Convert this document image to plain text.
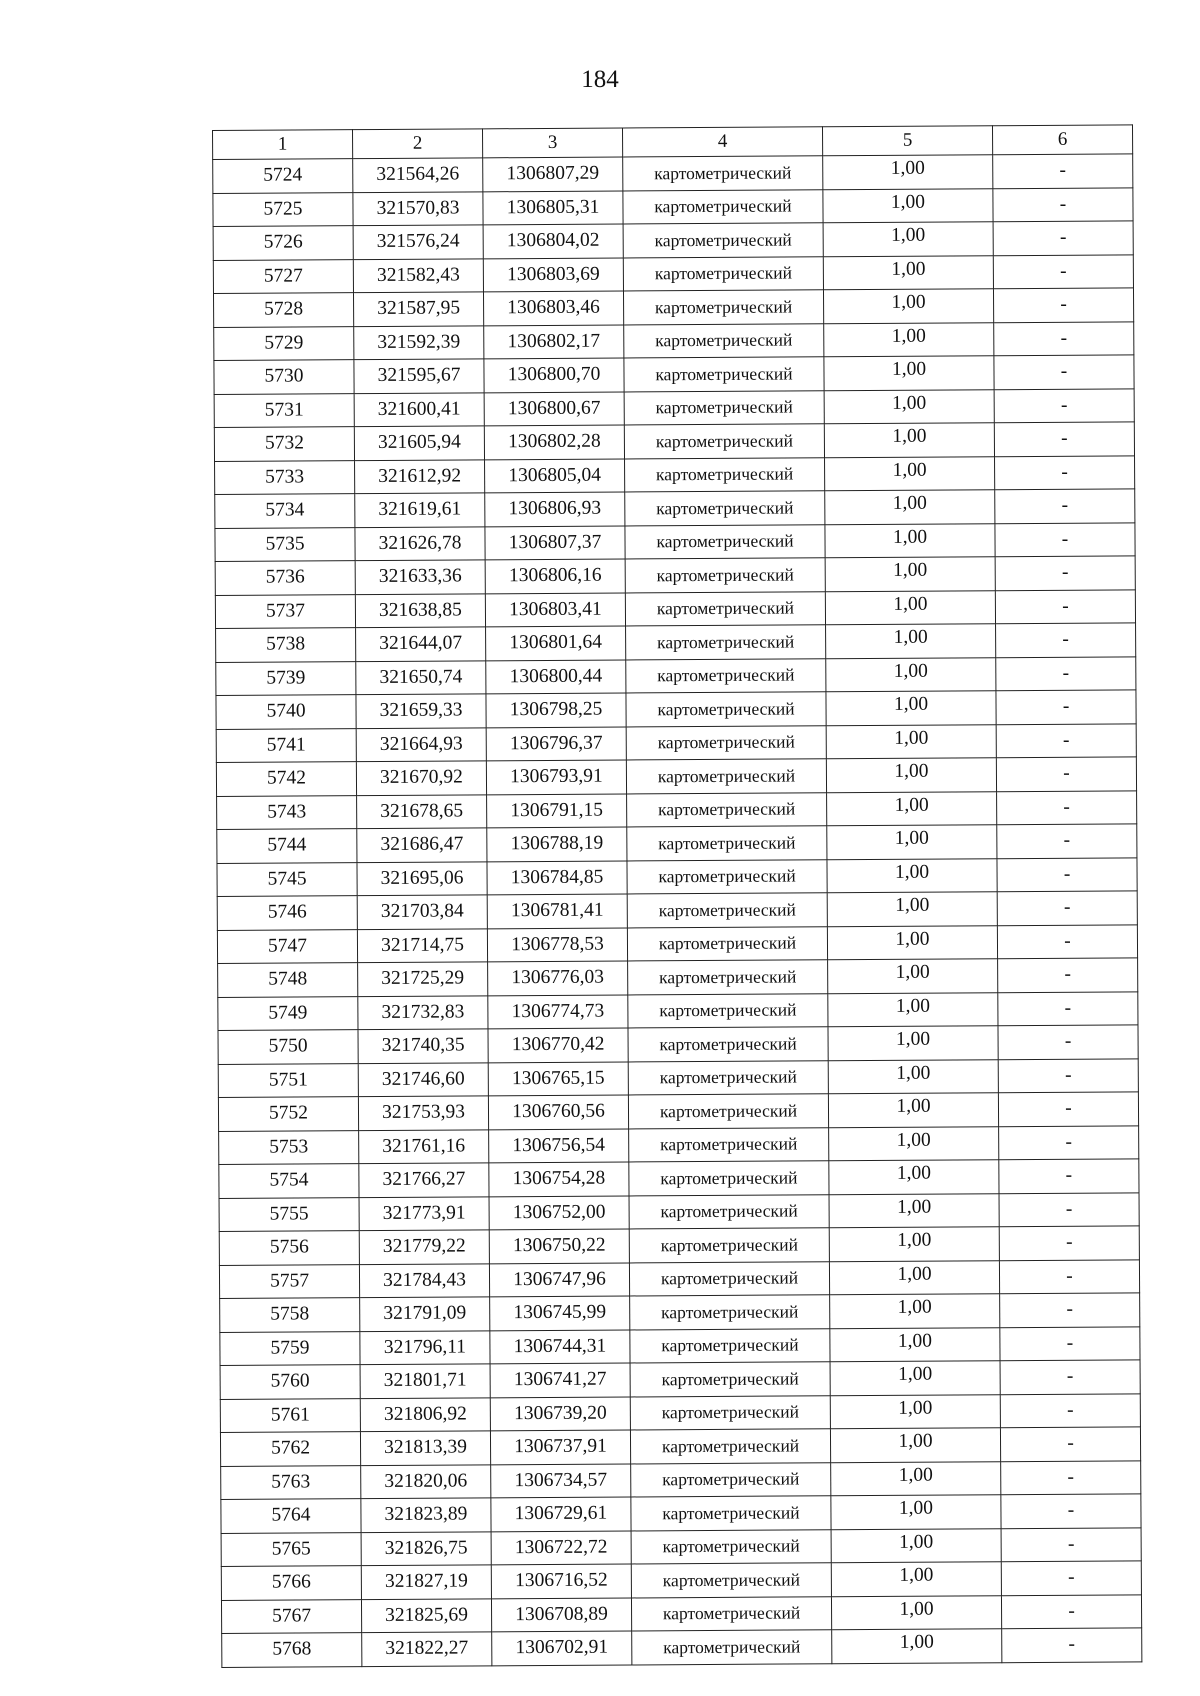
184
1	2	3	4	5	6
5724	321564,26	1306807,29	картометрический	1,00	-
5725	321570,83	1306805,31	картометрический	1,00	-
5726	321576,24	1306804,02	картометрический	1,00	-
5727	321582,43	1306803,69	картометрический	1,00	-
5728	321587,95	1306803,46	картометрический	1,00	-
5729	321592,39	1306802,17	картометрический	1,00	-
5730	321595,67	1306800,70	картометрический	1,00	-
5731	321600,41	1306800,67	картометрический	1,00	-
5732	321605,94	1306802,28	картометрический	1,00	-
5733	321612,92	1306805,04	картометрический	1,00	-
5734	321619,61	1306806,93	картометрический	1,00	-
5735	321626,78	1306807,37	картометрический	1,00	-
5736	321633,36	1306806,16	картометрический	1,00	-
5737	321638,85	1306803,41	картометрический	1,00	-
5738	321644,07	1306801,64	картометрический	1,00	-
5739	321650,74	1306800,44	картометрический	1,00	-
5740	321659,33	1306798,25	картометрический	1,00	-
5741	321664,93	1306796,37	картометрический	1,00	-
5742	321670,92	1306793,91	картометрический	1,00	-
5743	321678,65	1306791,15	картометрический	1,00	-
5744	321686,47	1306788,19	картометрический	1,00	-
5745	321695,06	1306784,85	картометрический	1,00	-
5746	321703,84	1306781,41	картометрический	1,00	-
5747	321714,75	1306778,53	картометрический	1,00	-
5748	321725,29	1306776,03	картометрический	1,00	-
5749	321732,83	1306774,73	картометрический	1,00	-
5750	321740,35	1306770,42	картометрический	1,00	-
5751	321746,60	1306765,15	картометрический	1,00	-
5752	321753,93	1306760,56	картометрический	1,00	-
5753	321761,16	1306756,54	картометрический	1,00	-
5754	321766,27	1306754,28	картометрический	1,00	-
5755	321773,91	1306752,00	картометрический	1,00	-
5756	321779,22	1306750,22	картометрический	1,00	-
5757	321784,43	1306747,96	картометрический	1,00	-
5758	321791,09	1306745,99	картометрический	1,00	-
5759	321796,11	1306744,31	картометрический	1,00	-
5760	321801,71	1306741,27	картометрический	1,00	-
5761	321806,92	1306739,20	картометрический	1,00	-
5762	321813,39	1306737,91	картометрический	1,00	-
5763	321820,06	1306734,57	картометрический	1,00	-
5764	321823,89	1306729,61	картометрический	1,00	-
5765	321826,75	1306722,72	картометрический	1,00	-
5766	321827,19	1306716,52	картометрический	1,00	-
5767	321825,69	1306708,89	картометрический	1,00	-
5768	321822,27	1306702,91	картометрический	1,00	-
